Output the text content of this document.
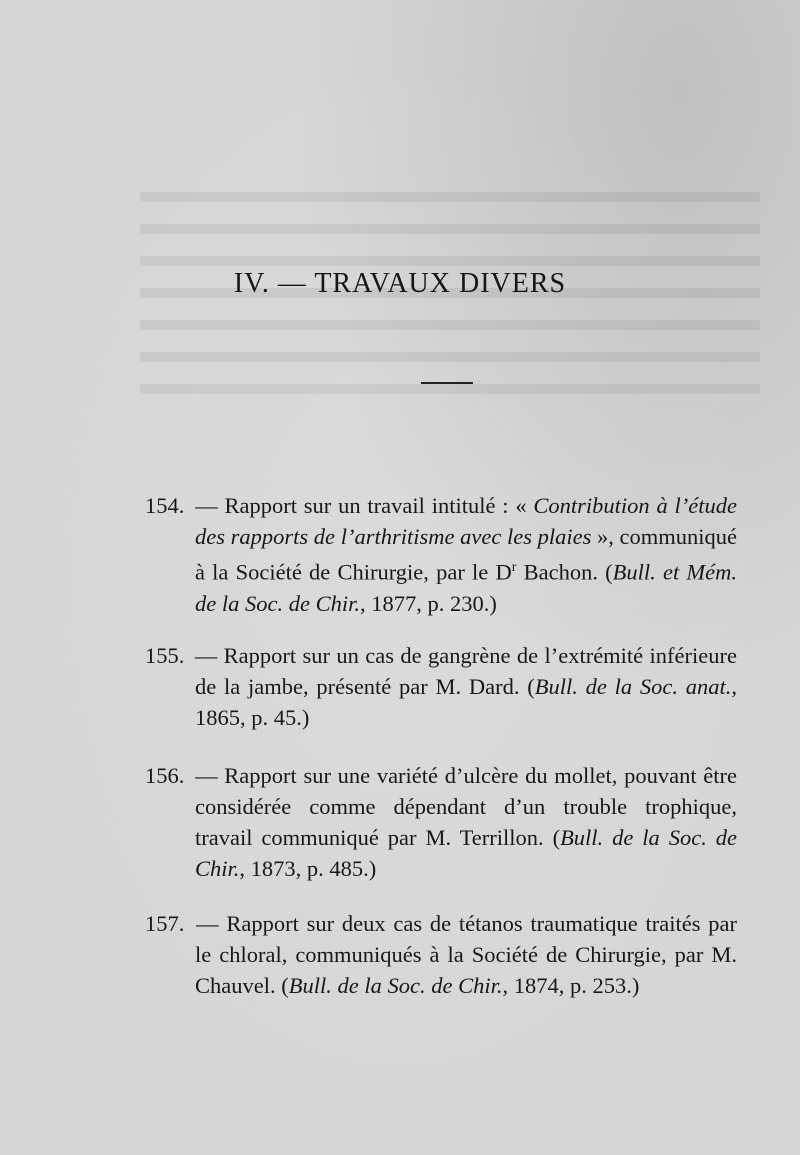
IV. — TRAVAUX DIVERS

154. — Rapport sur un travail intitulé : « Contribution à l’étude des rapports de l’arthritisme avec les plaies », communiqué à la Société de Chirurgie, par le $D^r$ Bachon. (Bull. et Mém. de la Soc. de Chir., 1877, p. 230.)

155. — Rapport sur un cas de gangrène de l’extrémité inférieure de la jambe, présenté par M. Dard. (Bull. de la Soc. anat., 1865, p. 45.)

156. — Rapport sur une variété d’ulcère du mollet, pouvant être considérée comme dépendant d’un trouble trophique, travail communiqué par M. Terrillon. (Bull. de la Soc. de Chir., 1873, p. 485.)

157. — Rapport sur deux cas de tétanos traumatique traités par le chloral, communiqués à la Société de Chirurgie, par M. Chauvel. (Bull. de la Soc. de Chir., 1874, p. 253.)
